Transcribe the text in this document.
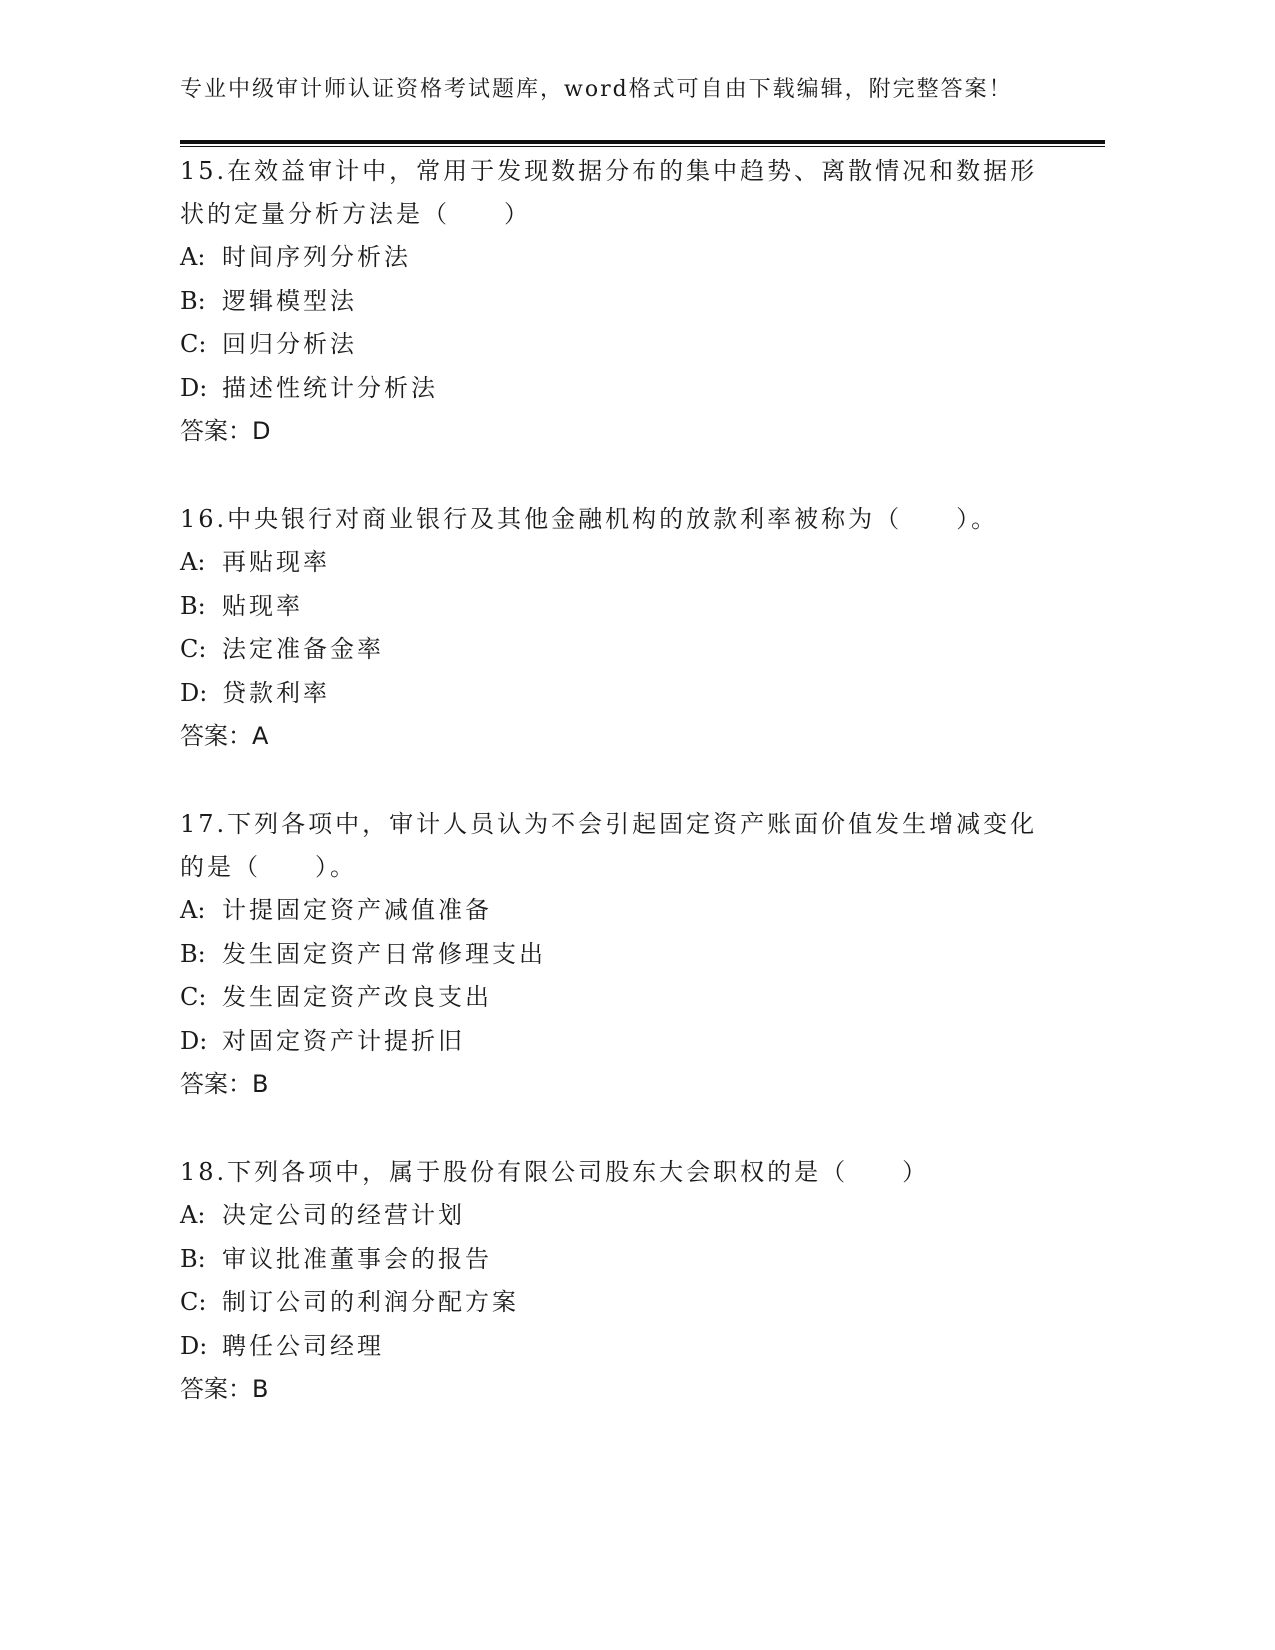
专业中级审计师认证资格考试题库，word格式可自由下载编辑，附完整答案！

15.在效益审计中，常用于发现数据分布的集中趋势、离散情况和数据形状的定量分析方法是（　　）

A: 时间序列分析法

B: 逻辑模型法

C: 回归分析法

D: 描述性统计分析法

答案：D

16.中央银行对商业银行及其他金融机构的放款利率被称为（　　）。

A: 再贴现率

B: 贴现率

C: 法定准备金率

D: 贷款利率

答案：A

17.下列各项中，审计人员认为不会引起固定资产账面价值发生增减变化的是（　　）。

A: 计提固定资产减值准备

B: 发生固定资产日常修理支出

C: 发生固定资产改良支出

D: 对固定资产计提折旧

答案：B

18.下列各项中，属于股份有限公司股东大会职权的是（　　）

A: 决定公司的经营计划

B: 审议批准董事会的报告

C: 制订公司的利润分配方案

D: 聘任公司经理

答案：B
